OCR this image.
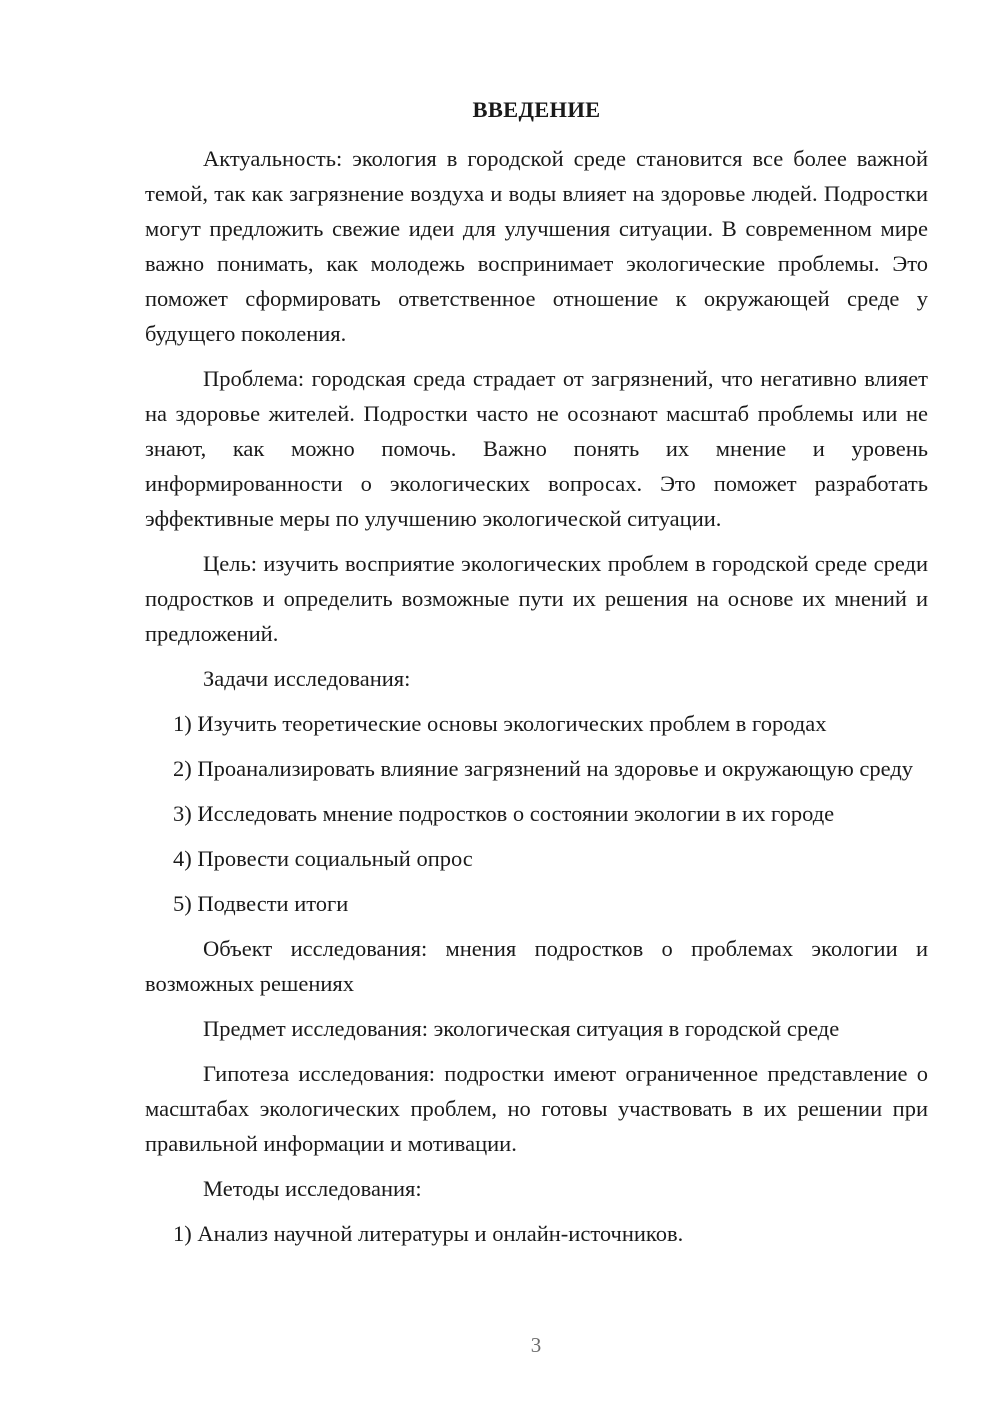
ВВЕДЕНИЕ

Актуальность: экология в городской среде становится все более важной темой, так как загрязнение воздуха и воды влияет на здоровье людей. Подростки могут предложить свежие идеи для улучшения ситуации. В современном мире важно понимать, как молодежь воспринимает экологические проблемы. Это поможет сформировать ответственное отношение к окружающей среде у будущего поколения.

Проблема: городская среда страдает от загрязнений, что негативно влияет на здоровье жителей. Подростки часто не осознают масштаб проблемы или не знают, как можно помочь. Важно понять их мнение и уровень информированности о экологических вопросах. Это поможет разработать эффективные меры по улучшению экологической ситуации.

Цель: изучить восприятие экологических проблем в городской среде среди подростков и определить возможные пути их решения на основе их мнений и предложений.

Задачи исследования:

1) Изучить теоретические основы экологических проблем в городах

2) Проанализировать влияние загрязнений на здоровье и окружающую среду

3) Исследовать мнение подростков о состоянии экологии в их городе

4) Провести социальный опрос

5) Подвести итоги

Объект исследования: мнения подростков о проблемах экологии и возможных решениях

Предмет исследования: экологическая ситуация в городской среде

Гипотеза исследования: подростки имеют ограниченное представление о масштабах экологических проблем, но готовы участвовать в их решении при правильной информации и мотивации.

Методы исследования:

1) Анализ научной литературы и онлайн-источников.

3
